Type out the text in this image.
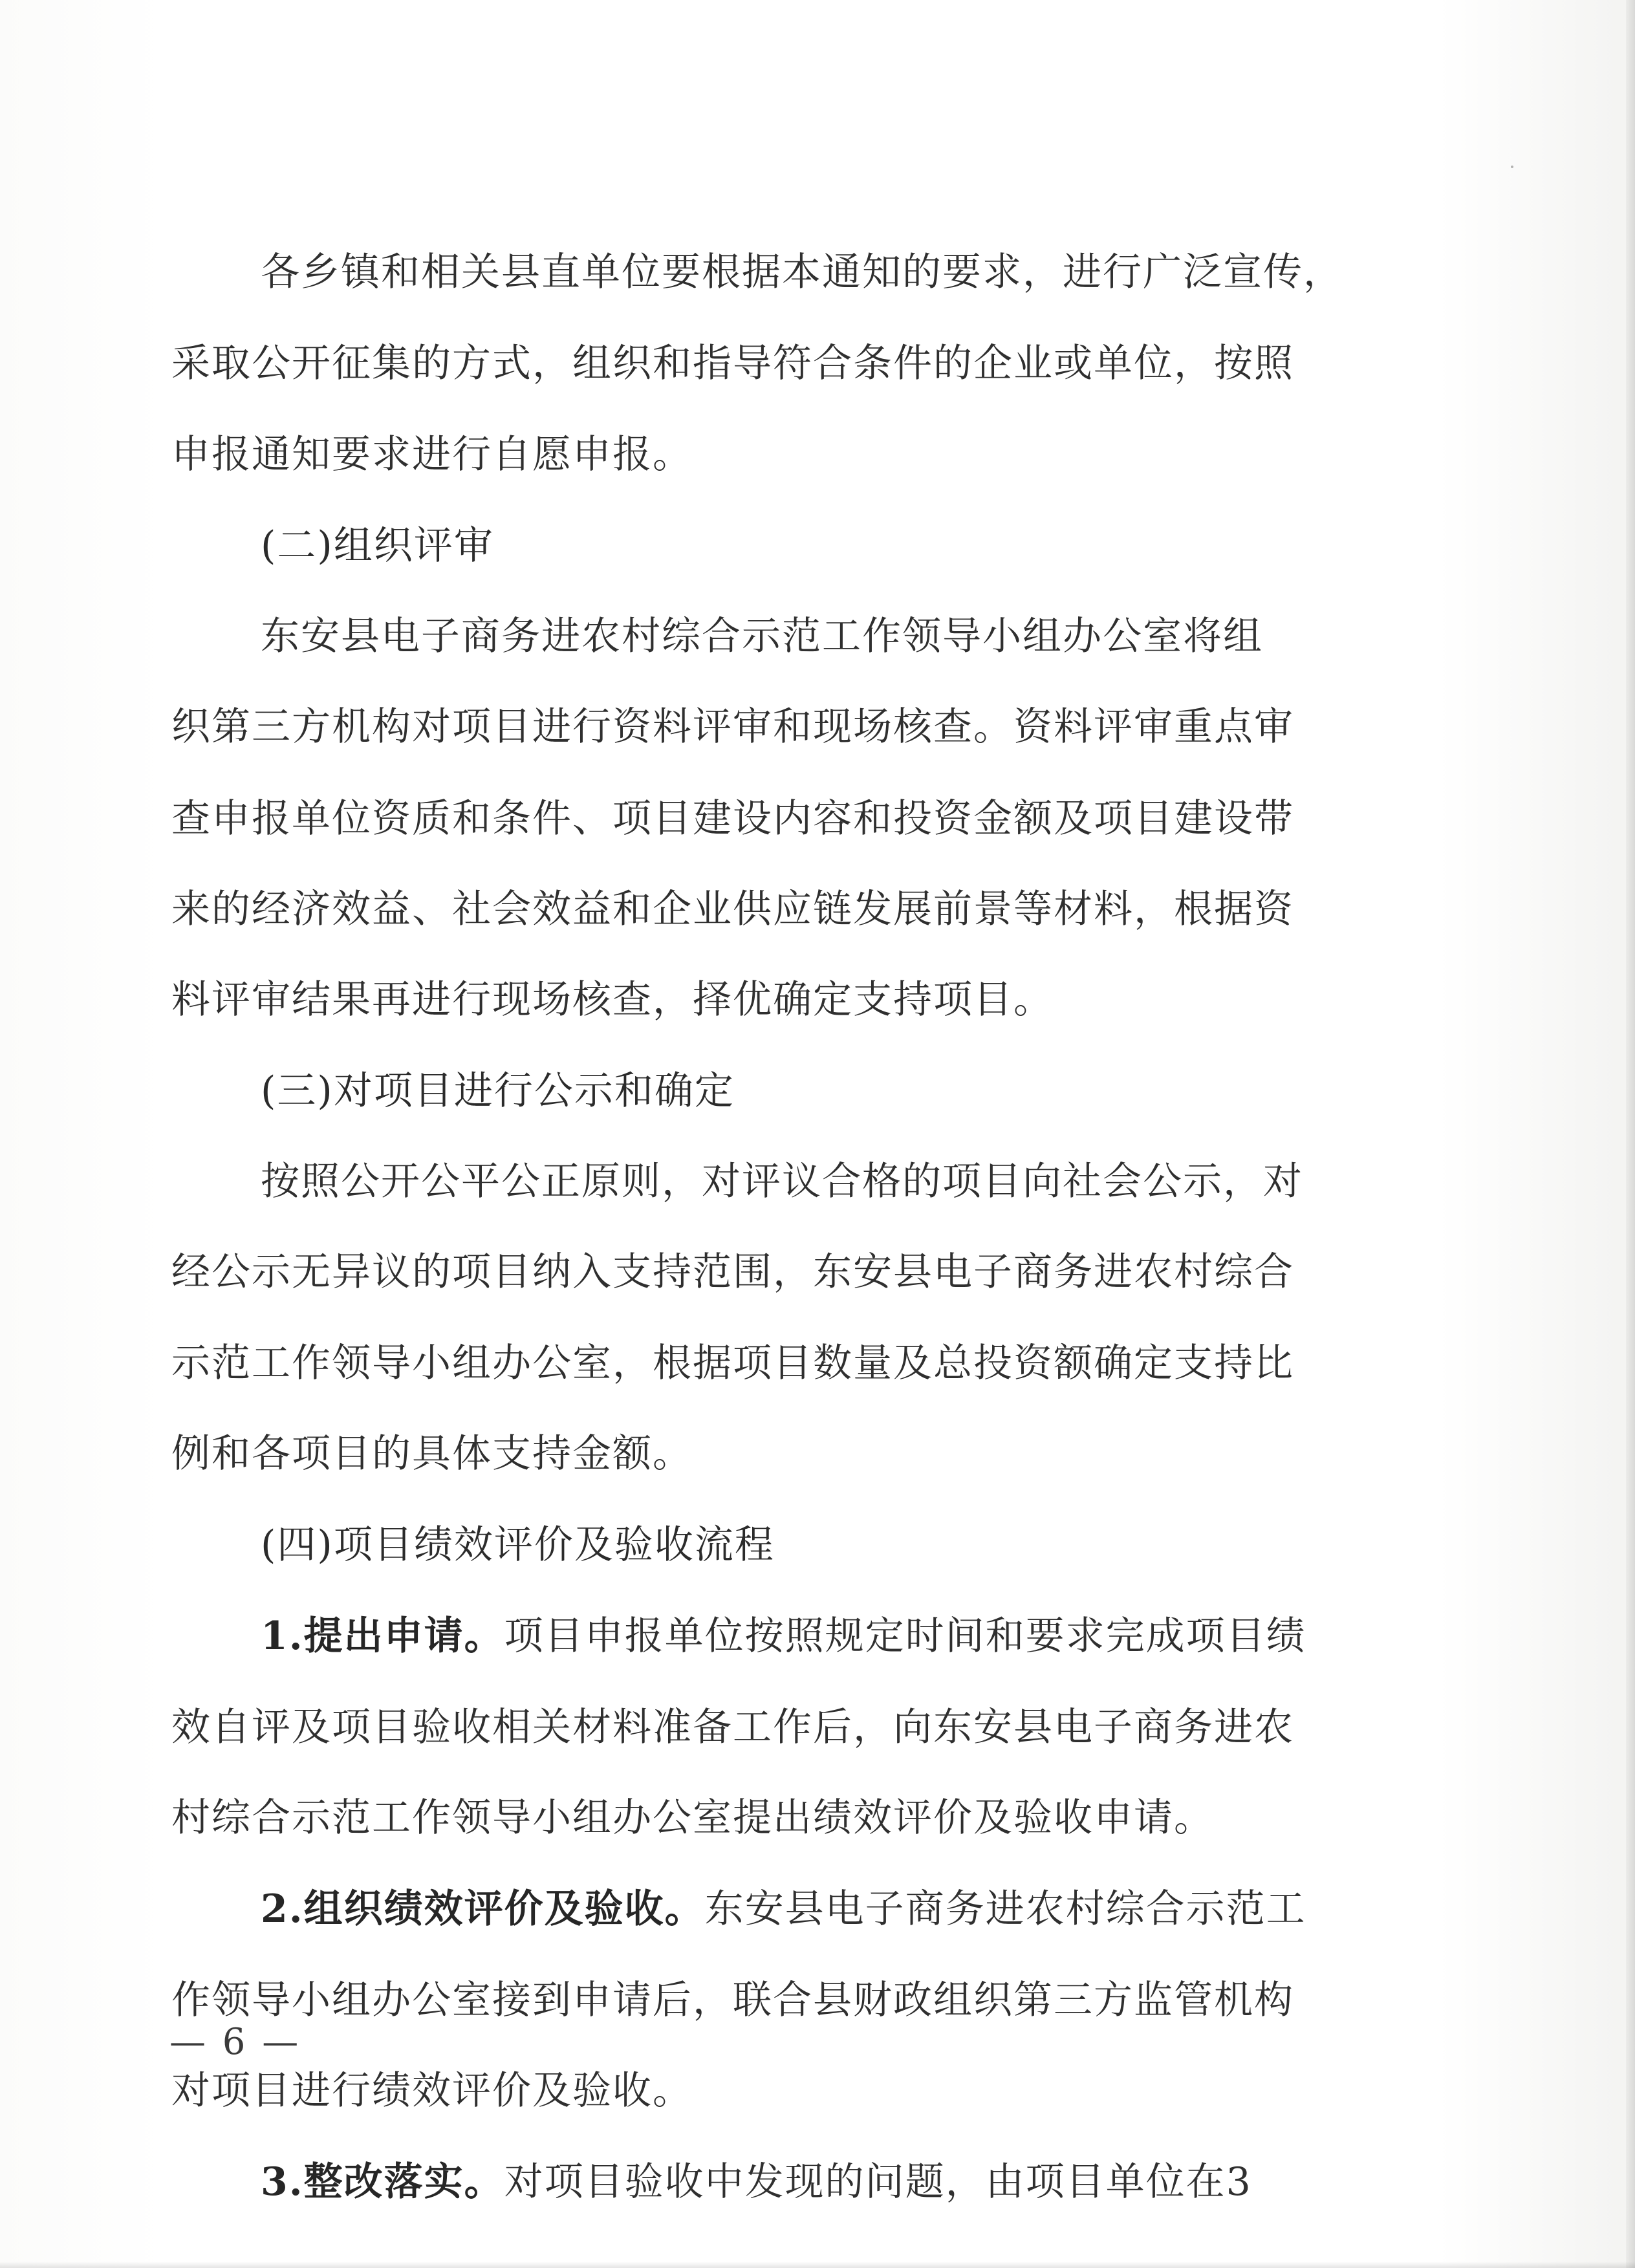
各乡镇和相关县直单位要根据本通知的要求，进行广泛宣传，
采取公开征集的方式，组织和指导符合条件的企业或单位，按照
申报通知要求进行自愿申报。
(二)组织评审
东安县电子商务进农村综合示范工作领导小组办公室将组
织第三方机构对项目进行资料评审和现场核查。资料评审重点审
查申报单位资质和条件、项目建设内容和投资金额及项目建设带
来的经济效益、社会效益和企业供应链发展前景等材料，根据资
料评审结果再进行现场核查，择优确定支持项目。
(三)对项目进行公示和确定
按照公开公平公正原则，对评议合格的项目向社会公示，对
经公示无异议的项目纳入支持范围，东安县电子商务进农村综合
示范工作领导小组办公室，根据项目数量及总投资额确定支持比
例和各项目的具体支持金额。
(四)项目绩效评价及验收流程
1.提出申请。项目申报单位按照规定时间和要求完成项目绩
效自评及项目验收相关材料准备工作后，向东安县电子商务进农
村综合示范工作领导小组办公室提出绩效评价及验收申请。
2.组织绩效评价及验收。东安县电子商务进农村综合示范工
作领导小组办公室接到申请后，联合县财政组织第三方监管机构
对项目进行绩效评价及验收。
3.整改落实。对项目验收中发现的问题，由项目单位在3
— 6 —
